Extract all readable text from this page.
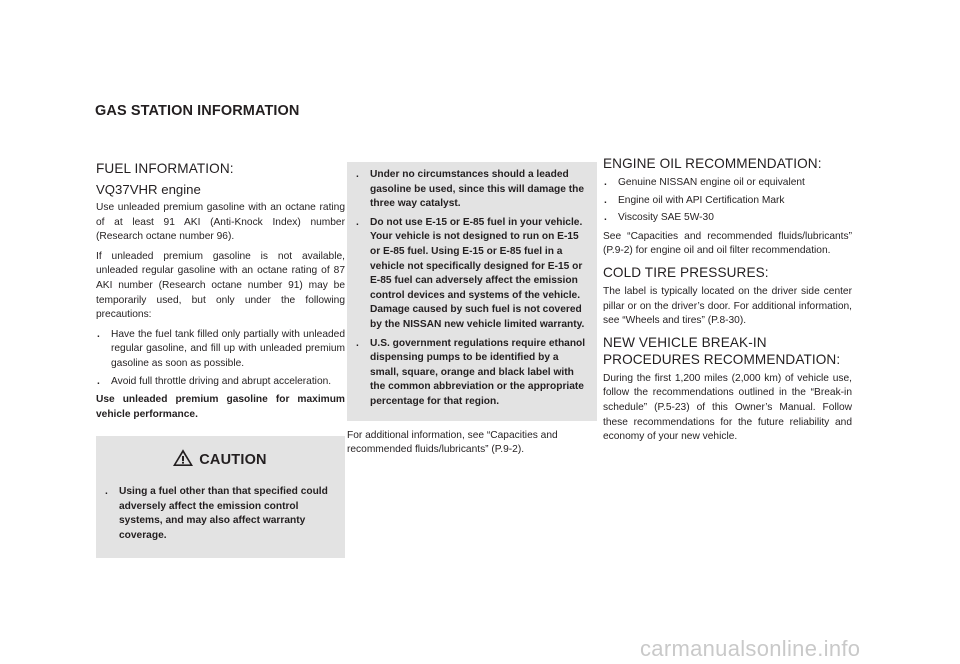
GAS STATION INFORMATION
FUEL INFORMATION:
VQ37VHR engine

Use unleaded premium gasoline with an octane rating of at least 91 AKI (Anti-Knock Index) number (Research octane number 96).

If unleaded premium gasoline is not available, unleaded regular gasoline with an octane rating of 87 AKI number (Research octane number 91) may be temporarily used, but only under the following precautions:

. Have the fuel tank filled only partially with unleaded regular gasoline, and fill up with unleaded premium gasoline as soon as possible.
. Avoid full throttle driving and abrupt acceleration.

Use unleaded premium gasoline for maximum vehicle performance.

CAUTION
. Using a fuel other than that specified could adversely affect the emission control systems, and may also affect warranty coverage.
. Under no circumstances should a leaded gasoline be used, since this will damage the three way catalyst.
. Do not use E-15 or E-85 fuel in your vehicle. Your vehicle is not designed to run on E-15 or E-85 fuel. Using E-15 or E-85 fuel in a vehicle not specifically designed for E-15 or E-85 fuel can adversely affect the emission control devices and systems of the vehicle. Damage caused by such fuel is not covered by the NISSAN new vehicle limited warranty.
. U.S. government regulations require ethanol dispensing pumps to be identified by a small, square, orange and black label with the common abbreviation or the appropriate percentage for that region.

For additional information, see “Capacities and recommended fluids/lubricants” (P.9-2).

ENGINE OIL RECOMMENDATION:
. Genuine NISSAN engine oil or equivalent
. Engine oil with API Certification Mark
. Viscosity SAE 5W-30

See “Capacities and recommended fluids/lubricants” (P.9-2) for engine oil and oil filter recommendation.

COLD TIRE PRESSURES:

The label is typically located on the driver side center pillar or on the driver’s door. For additional information, see “Wheels and tires” (P.8-30).

NEW VEHICLE BREAK-IN PROCEDURES RECOMMENDATION:

During the first 1,200 miles (2,000 km) of vehicle use, follow the recommendations outlined in the “Break-in schedule” (P.5-23) of this Owner’s Manual. Follow these recommendations for the future reliability and economy of your new vehicle.

carmanualsonline.info
